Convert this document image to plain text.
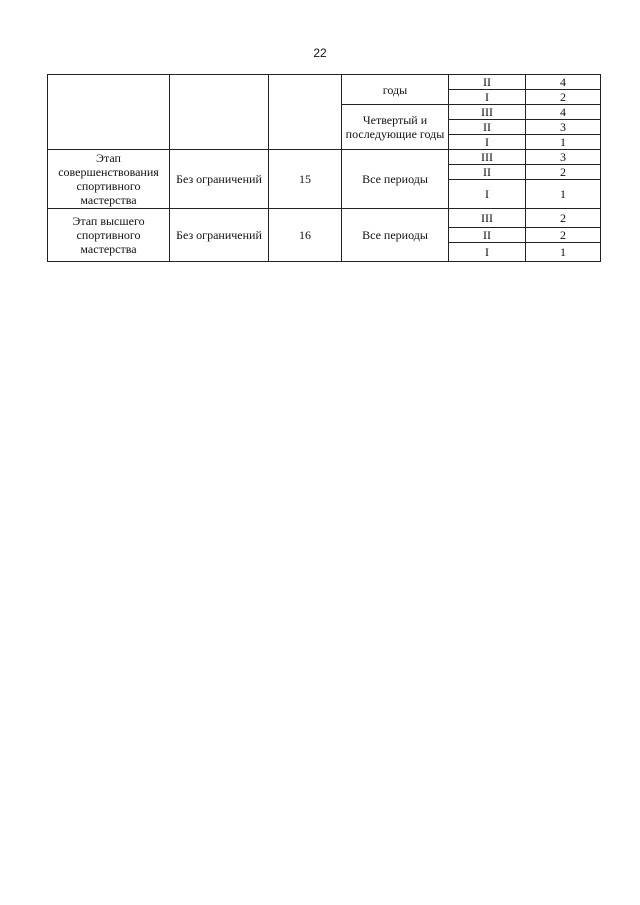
22
			годы	II	4
				I	2
			Четвертый и последующие годы	III	4
				II	3
				I	1
Этап совершенствования спортивного мастерства	Без ограничений	15	Все периоды	III	3
				II	2
				I	1
Этап высшего спортивного мастерства	Без ограничений	16	Все периоды	III	2
				II	2
				I	1
